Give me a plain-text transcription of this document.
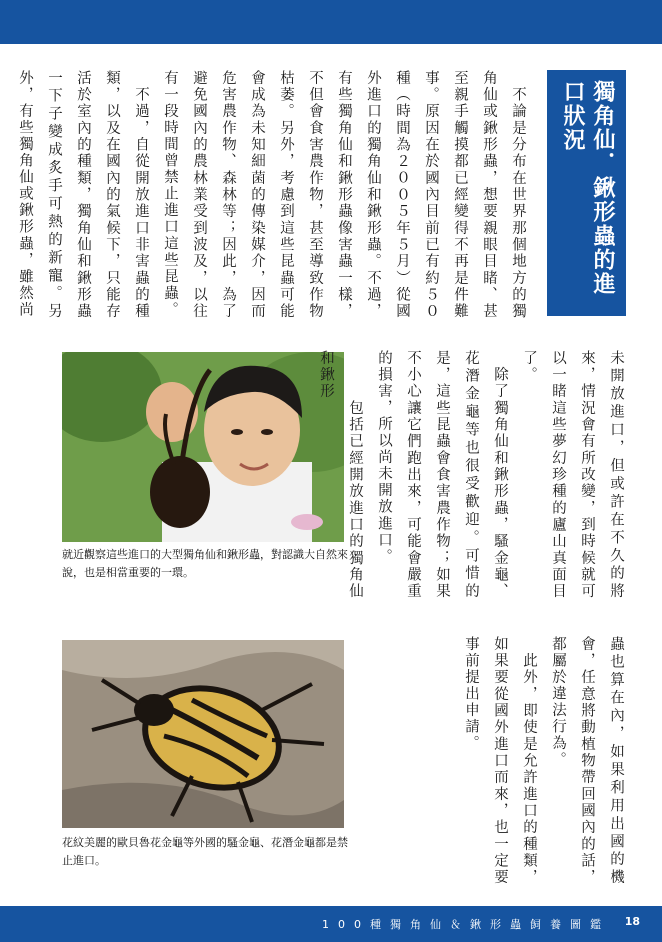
獨角仙．鍬形蟲的進口狀況
　不論是分布在世界那個地方的獨角仙或鍬形蟲，想要親眼目睹、甚至親手觸摸都已經變得不再是件難事。原因在於國內目前已有約５０種（時間為２００５年５月）從國外進口的獨角仙和鍬形蟲。不過，有些獨角仙和鍬形蟲像害蟲一樣，不但會食害農作物，甚至導致作物枯萎。另外，考慮到這些昆蟲可能會成為未知細菌的傳染媒介，因而危害農作物、森林等；因此，為了避免國內的農林業受到波及，以往有一段時間曾禁止進口這些昆蟲。
　不過，自從開放進口非害蟲的種類，以及在國內的氣候下，只能存活於室內的種類，獨角仙和鍬形蟲一下子變成炙手可熱的新寵。另外，有些獨角仙或鍬形蟲，雖然尚
就近觀察這些進口的大型獨角仙和鍬形蟲，對認識大自然來說，也是相當重要的一環。	未開放進口，但或許在不久的將來，情況會有所改變，到時候就可以一睹這些夢幻珍種的廬山真面目了。
　除了獨角仙和鍬形蟲，騷金龜、花潛金龜等也很受歡迎。可惜的是，這些昆蟲會食害農作物；如果不小心讓它們跑出來，可能會嚴重的損害，所以尚未開放進口。
　　　包括已經開放進口的獨角仙和鍬形
花紋美麗的歐貝魯花金龜等外國的騷金龜、花潛金龜都是禁止進口。	蟲也算在內，如果利用出國的機會，任意將動植物帶回國內的話，都屬於違法行為。
　此外，即使是允許進口的種類，如果要從國外進口而來，也一定要事前提出申請。
100種獨角仙＆鍬形蟲飼養圖鑑 18
